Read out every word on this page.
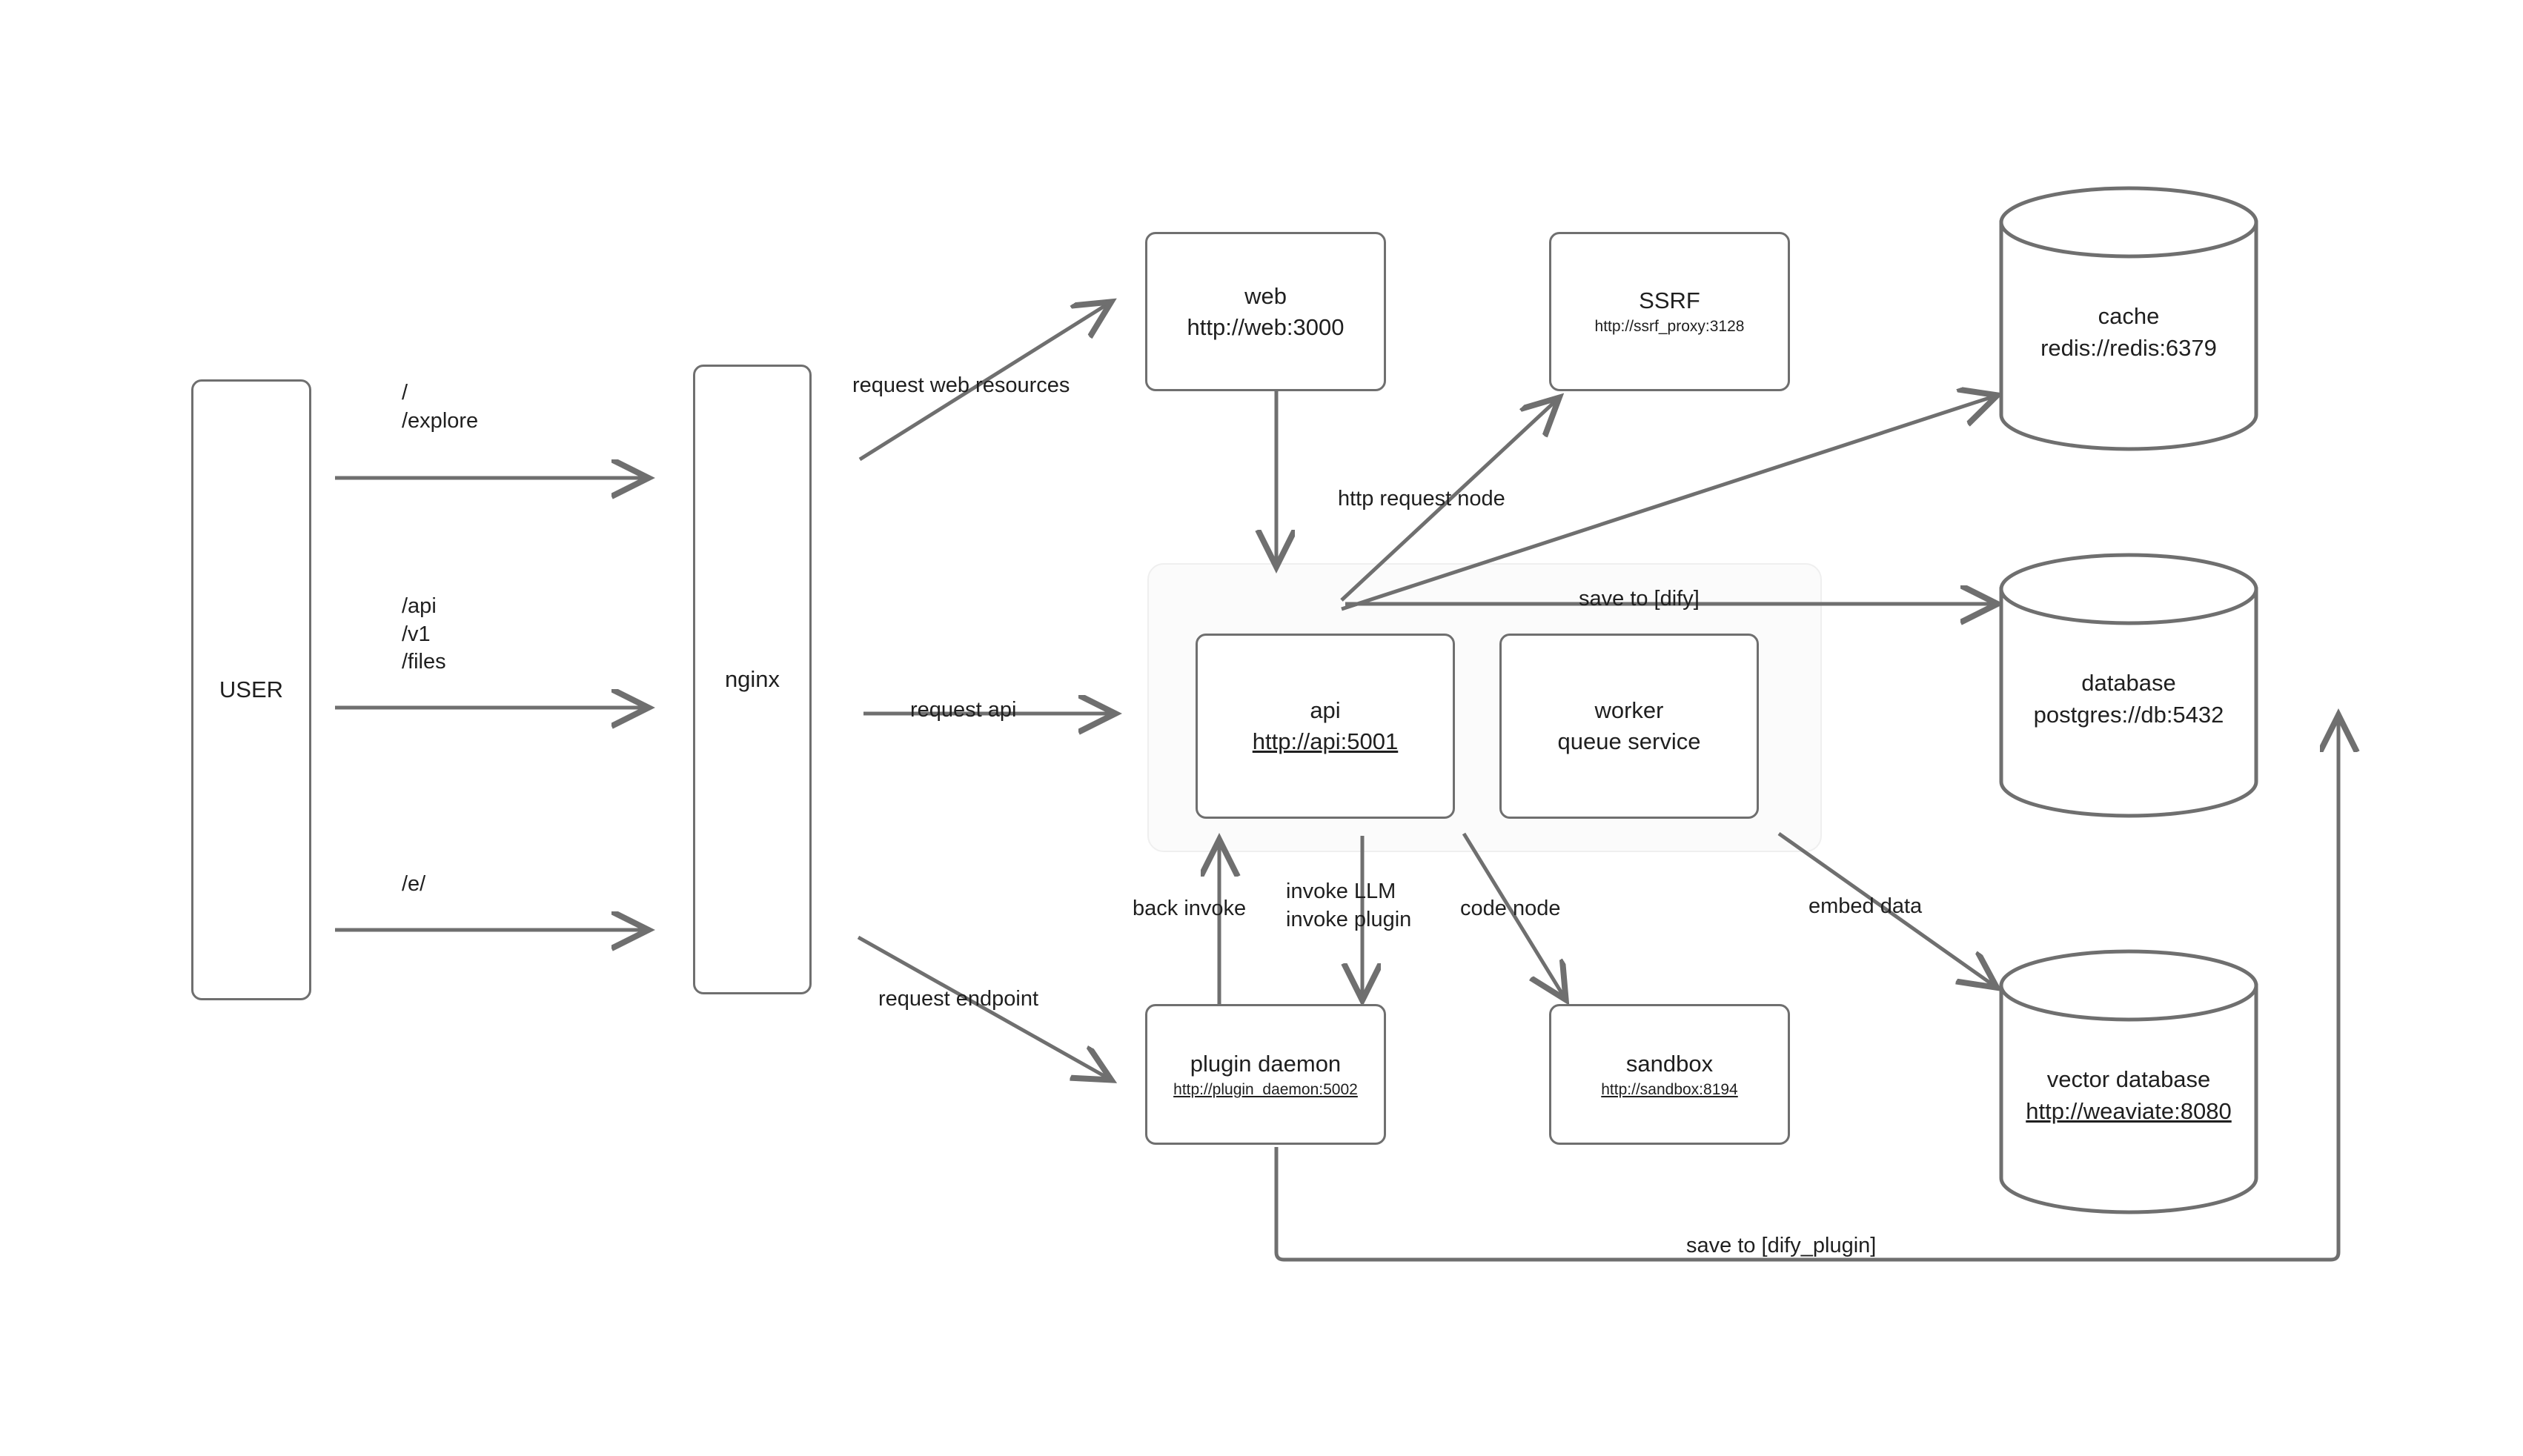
USER	nginx
web
http://web:3000
SSRF
http://ssrf_proxy:3128
api
http://api:5001
worker
queue service
plugin daemon
http://plugin_daemon:5002
sandbox
http://sandbox:8194
cache
redis://redis:6379
database
postgres://db:5432
vector database
http://weaviate:8080
/
/explore
/api
/v1
/files
/e/
request web resources
request api
request endpoint
http request node
save to [dify]
back invoke
invoke LLM
invoke plugin code node	embed data
save to [dify_plugin]
